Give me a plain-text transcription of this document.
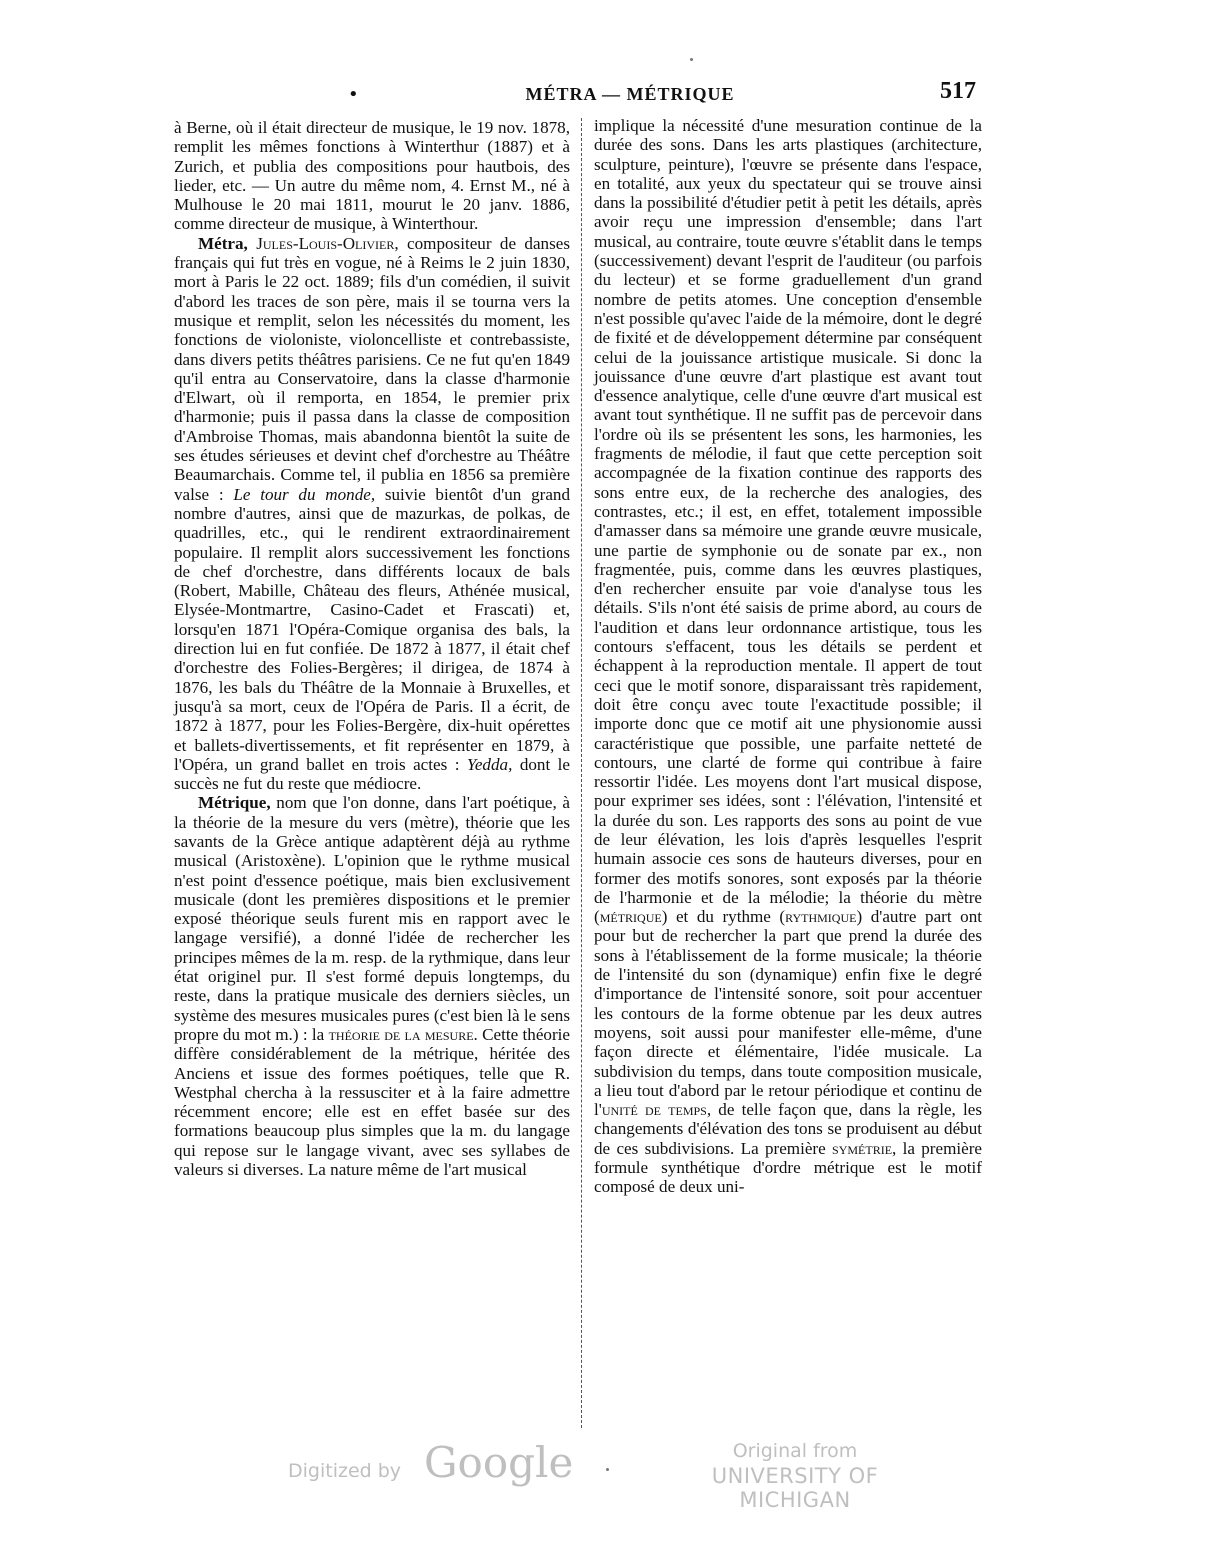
•	MÉTRA — MÉTRIQUE	517

à Berne, où il était directeur de musique, le 19 nov. 1878, remplit les mêmes fonctions à Winterthur (1887) et à Zurich, et publia des compositions pour hautbois, des lieder, etc. — Un autre du même nom, 4. Ernst M., né à Mulhouse le 20 mai 1811, mourut le 20 janv. 1886, comme directeur de musique, à Winterthour.

Métra, Jules-Louis-Olivier, compositeur de danses français qui fut très en vogue, né à Reims le 2 juin 1830, mort à Paris le 22 oct. 1889; fils d'un comédien, il suivit d'abord les traces de son père, mais il se tourna vers la musique et remplit, selon les nécessités du moment, les fonctions de violoniste, violoncelliste et contrebassiste, dans divers petits théâtres parisiens. Ce ne fut qu'en 1849 qu'il entra au Conservatoire, dans la classe d'harmonie d'Elwart, où il remporta, en 1854, le premier prix d'harmonie; puis il passa dans la classe de composition d'Ambroise Thomas, mais abandonna bientôt la suite de ses études sérieuses et devint chef d'orchestre au Théâtre Beaumarchais. Comme tel, il publia en 1856 sa première valse : Le tour du monde, suivie bientôt d'un grand nombre d'autres, ainsi que de mazurkas, de polkas, de quadrilles, etc., qui le rendirent extraordinairement populaire. Il remplit alors successivement les fonctions de chef d'orchestre, dans différents locaux de bals (Robert, Mabille, Château des fleurs, Athénée musical, Elysée-Montmartre, Casino-Cadet et Frascati) et, lorsqu'en 1871 l'Opéra-Comique organisa des bals, la direction lui en fut confiée. De 1872 à 1877, il était chef d'orchestre des Folies-Bergères; il dirigea, de 1874 à 1876, les bals du Théâtre de la Monnaie à Bruxelles, et jusqu'à sa mort, ceux de l'Opéra de Paris. Il a écrit, de 1872 à 1877, pour les Folies-Bergère, dix-huit opérettes et ballets-divertissements, et fit représenter en 1879, à l'Opéra, un grand ballet en trois actes : Yedda, dont le succès ne fut du reste que médiocre.

Métrique, nom que l'on donne, dans l'art poétique, à la théorie de la mesure du vers (mètre), théorie que les savants de la Grèce antique adaptèrent déjà au rythme musical (Aristoxène). L'opinion que le rythme musical n'est point d'essence poétique, mais bien exclusivement musicale (dont les premières dispositions et le premier exposé théorique seuls furent mis en rapport avec le langage versifié), a donné l'idée de rechercher les principes mêmes de la m. resp. de la rythmique, dans leur état originel pur. Il s'est formé depuis longtemps, du reste, dans la pratique musicale des derniers siècles, un système des mesures musicales pures (c'est bien là le sens propre du mot m.) : la théorie de la mesure. Cette théorie diffère considérablement de la métrique, héritée des Anciens et issue des formes poétiques, telle que R. Westphal chercha à la ressusciter et à la faire admettre récemment encore; elle est en effet basée sur des formations beaucoup plus simples que la m. du langage qui repose sur le langage vivant, avec ses syllabes de valeurs si diverses. La nature même de l'art musical

implique la nécessité d'une mesuration continue de la durée des sons. Dans les arts plastiques (architecture, sculpture, peinture), l'œuvre se présente dans l'espace, en totalité, aux yeux du spectateur qui se trouve ainsi dans la possibilité d'étudier petit à petit les détails, après avoir reçu une impression d'ensemble; dans l'art musical, au contraire, toute œuvre s'établit dans le temps (successivement) devant l'esprit de l'auditeur (ou parfois du lecteur) et se forme graduellement d'un grand nombre de petits atomes. Une conception d'ensemble n'est possible qu'avec l'aide de la mémoire, dont le degré de fixité et de développement détermine par conséquent celui de la jouissance artistique musicale. Si donc la jouissance d'une œuvre d'art plastique est avant tout d'essence analytique, celle d'une œuvre d'art musical est avant tout synthétique. Il ne suffit pas de percevoir dans l'ordre où ils se présentent les sons, les harmonies, les fragments de mélodie, il faut que cette perception soit accompagnée de la fixation continue des rapports des sons entre eux, de la recherche des analogies, des contrastes, etc.; il est, en effet, totalement impossible d'amasser dans sa mémoire une grande œuvre musicale, une partie de symphonie ou de sonate par ex., non fragmentée, puis, comme dans les œuvres plastiques, d'en rechercher ensuite par voie d'analyse tous les détails. S'ils n'ont été saisis de prime abord, au cours de l'audition et dans leur ordonnance artistique, tous les contours s'effacent, tous les détails se perdent et échappent à la reproduction mentale. Il appert de tout ceci que le motif sonore, disparaissant très rapidement, doit être conçu avec toute l'exactitude possible; il importe donc que ce motif ait une physionomie aussi caractéristique que possible, une parfaite netteté de contours, une clarté de forme qui contribue à faire ressortir l'idée. Les moyens dont l'art musical dispose, pour exprimer ses idées, sont : l'élévation, l'intensité et la durée du son. Les rapports des sons au point de vue de leur élévation, les lois d'après lesquelles l'esprit humain associe ces sons de hauteurs diverses, pour en former des motifs sonores, sont exposés par la théorie de l'harmonie et de la mélodie; la théorie du mètre (métrique) et du rythme (rythmique) d'autre part ont pour but de rechercher la part que prend la durée des sons à l'établissement de la forme musicale; la théorie de l'intensité du son (dynamique) enfin fixe le degré d'importance de l'intensité sonore, soit pour accentuer les contours de la forme obtenue par les deux autres moyens, soit aussi pour manifester elle-même, d'une façon directe et élémentaire, l'idée musicale. La subdivision du temps, dans toute composition musicale, a lieu tout d'abord par le retour périodique et continu de l'unité de temps, de telle façon que, dans la règle, les changements d'élévation des tons se produisent au début de ces subdivisions. La première symétrie, la première formule synthétique d'ordre métrique est le motif composé de deux uni-

Digitized by Google	Original from
UNIVERSITY OF MICHIGAN
